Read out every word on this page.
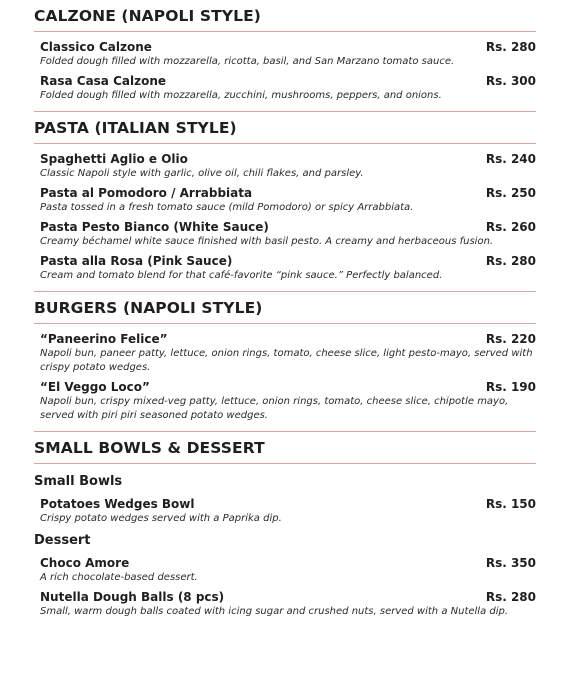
CALZONE (NAPOLI STYLE)
Classico Calzone	Rs. 280
Folded dough filled with mozzarella, ricotta, basil, and San Marzano tomato sauce.
Rasa Casa Calzone	Rs. 300
Folded dough filled with mozzarella, zucchini, mushrooms, peppers, and onions.
PASTA (ITALIAN STYLE)
Spaghetti Aglio e Olio	Rs. 240
Classic Napoli style with garlic, olive oil, chili flakes, and parsley.
Pasta al Pomodoro / Arrabbiata	Rs. 250
Pasta tossed in a fresh tomato sauce (mild Pomodoro) or spicy Arrabbiata.
Pasta Pesto Bianco (White Sauce)	Rs. 260
Creamy béchamel white sauce finished with basil pesto. A creamy and herbaceous fusion.
Pasta alla Rosa (Pink Sauce)	Rs. 280
Cream and tomato blend for that café-favorite “pink sauce.” Perfectly balanced.
BURGERS (NAPOLI STYLE)
“Paneerino Felice”	Rs. 220
Napoli bun, paneer patty, lettuce, onion rings, tomato, cheese slice, light pesto-mayo, served with crispy potato wedges.
“El Veggo Loco”	Rs. 190
Napoli bun, crispy mixed-veg patty, lettuce, onion rings, tomato, cheese slice, chipotle mayo, served with piri piri seasoned potato wedges.
SMALL BOWLS & DESSERT
Small Bowls
Potatoes Wedges Bowl	Rs. 150
Crispy potato wedges served with a Paprika dip.
Dessert
Choco Amore	Rs. 350
A rich chocolate-based dessert.
Nutella Dough Balls (8 pcs)	Rs. 280
Small, warm dough balls coated with icing sugar and crushed nuts, served with a Nutella dip.
